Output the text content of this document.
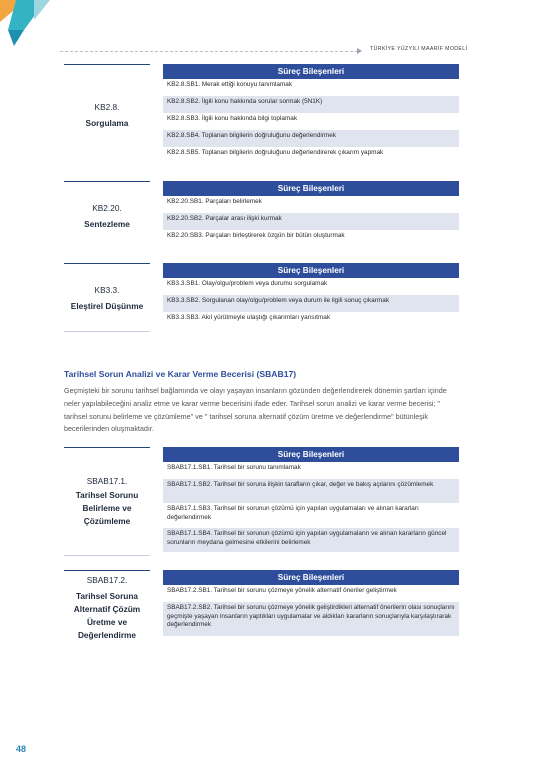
TÜRKİYE YÜZYILI MAARİF MODELİ
KB2.8.
Sorgulama
Süreç Bileşenleri
KB2.8.SB1. Merak ettiği konuyu tanımlamak
KB2.8.SB2. İlgili konu hakkında sorular sormak (5N1K)
KB2.8.SB3. İlgili konu hakkında bilgi toplamak
KB2.8.SB4. Toplanan bilgilerin doğruluğunu değerlendirmek
KB2.8.SB5. Toplanan bilgilerin doğruluğunu değerlendirerek çıkarım yapmak
KB2.20.
Sentezleme
Süreç Bileşenleri
KB2.20.SB1. Parçaları belirlemek
KB2.20.SB2. Parçalar arası ilişki kurmak
KB2.20.SB3. Parçaları birleştirerek özgün bir bütün oluşturmak
KB3.3.
Eleştirel Düşünme
Süreç Bileşenleri
KB3.3.SB1. Olay/olgu/problem veya durumu sorgulamak
KB3.3.SB2. Sorgulanan olay/olgu/problem veya durum ile ilgili sonuç çıkarmak
KB3.3.SB3. Akıl yürütmeyle ulaştığı çıkarımları yansıtmak
Tarihsel Sorun Analizi ve Karar Verme Becerisi (SBAB17)
Geçmişteki bir sorunu tarihsel bağlamında ve olayı yaşayan insanların gözünden değerlendirerek dönemin şartları içinde neler yapılabileceğini analiz etme ve karar verme becerisini ifade eder. Tarihsel sorun analizi ve karar verme becerisi; " tarihsel sorunu belirleme ve çözümleme" ve " tarihsel soruna alternatif çözüm üretme ve değerlendirme" bütünleşik becerilerinden oluşmaktadır.
SBAB17.1.
Tarihsel Sorunu Belirleme ve Çözümleme
Süreç Bileşenleri
SBAB17.1.SB1. Tarihsel bir sorunu tanımlamak
SBAB17.1.SB2. Tarihsel bir soruna ilişkin tarafların çıkar, değer ve bakış açılarını çözümlemek
SBAB17.1.SB3. Tarihsel bir sorunun çözümü için yapılan uygulamaları ve alınan kararları değerlendirmek
SBAB17.1.SB4. Tarihsel bir sorunun çözümü için yapılan uygulamaların ve alınan kararların güncel sorunların meydana gelmesine etkilerini belirlemek
SBAB17.2.
Tarihsel Soruna Alternatif Çözüm Üretme ve Değerlendirme
Süreç Bileşenleri
SBAB17.2.SB1. Tarihsel bir sorunu çözmeye yönelik alternatif öneriler geliştirmek
SBAB17.2.SB2. Tarihsel bir sorunu çözmeye yönelik geliştirdikleri alternatif önerilerin olası sonuçlarını geçmişte yaşayan insanların yaptıkları uygulamalar ve aldıkları kararların sonuçlarıyla karşılaştırarak değerlendirmek
48
